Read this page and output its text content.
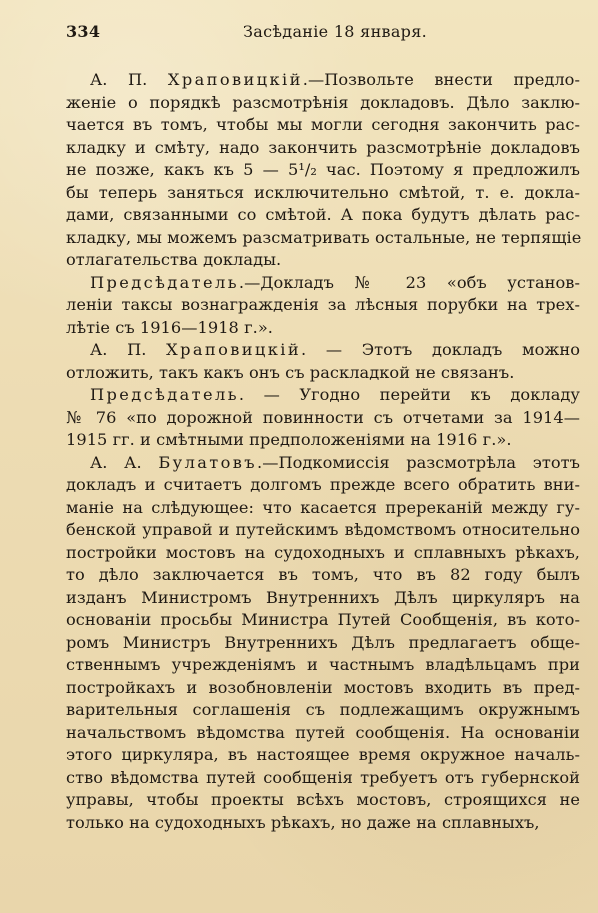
334	Засѣданіе 18 января.
А. П. Храповицкій.—Позвольте внести предло-
женіе о порядкѣ разсмотрѣнія докладовъ. Дѣло заклю-
чается въ томъ, чтобы мы могли сегодня закончить рас-
кладку и смѣту, надо закончить разсмотрѣніе докладовъ
не позже, какъ къ 5 — 5¹/₂ час. Поэтому я предложилъ
бы теперь заняться исключительно смѣтой, т. е. докла-
дами, связанными со смѣтой. А пока будутъ дѣлать рас-
кладку, мы можемъ разсматривать остальные, не терпящіе
отлагательства доклады.
Предсѣдатель.—Докладъ № 23 «объ установ-
леніи таксы вознагражденія за лѣсныя порубки на трех-
лѣтіе съ 1916—1918 г.».
А. П. Храповицкій. — Этотъ докладъ можно
отложить, такъ какъ онъ съ раскладкой не связанъ.
Предсѣдатель. — Угодно перейти къ докладу
№ 76 «по дорожной повинности съ отчетами за 1914—
1915 гг. и смѣтными предположеніями на 1916 г.».
А. А. Булатовъ.—Подкомиссія разсмотрѣла этотъ
докладъ и считаетъ долгомъ прежде всего обратить вни-
маніе на слѣдующее: что касается пререканій между гу-
бенской управой и путейскимъ вѣдомствомъ относительно
постройки мостовъ на судоходныхъ и сплавныхъ рѣкахъ,
то дѣло заключается въ томъ, что въ 82 году былъ
изданъ Министромъ Внутреннихъ Дѣлъ циркуляръ на
основаніи просьбы Министра Путей Сообщенія, въ кото-
ромъ Министръ Внутреннихъ Дѣлъ предлагаетъ обще-
ственнымъ учрежденіямъ и частнымъ владѣльцамъ при
постройкахъ и возобновленіи мостовъ входить въ пред-
варительныя соглашенія съ подлежащимъ окружнымъ
начальствомъ вѣдомства путей сообщенія. На основаніи
этого циркуляра, въ настоящее время окружное началь-
ство вѣдомства путей сообщенія требуетъ отъ губернской
управы, чтобы проекты всѣхъ мостовъ, строящихся не
только на судоходныхъ рѣкахъ, но даже на сплавныхъ,
